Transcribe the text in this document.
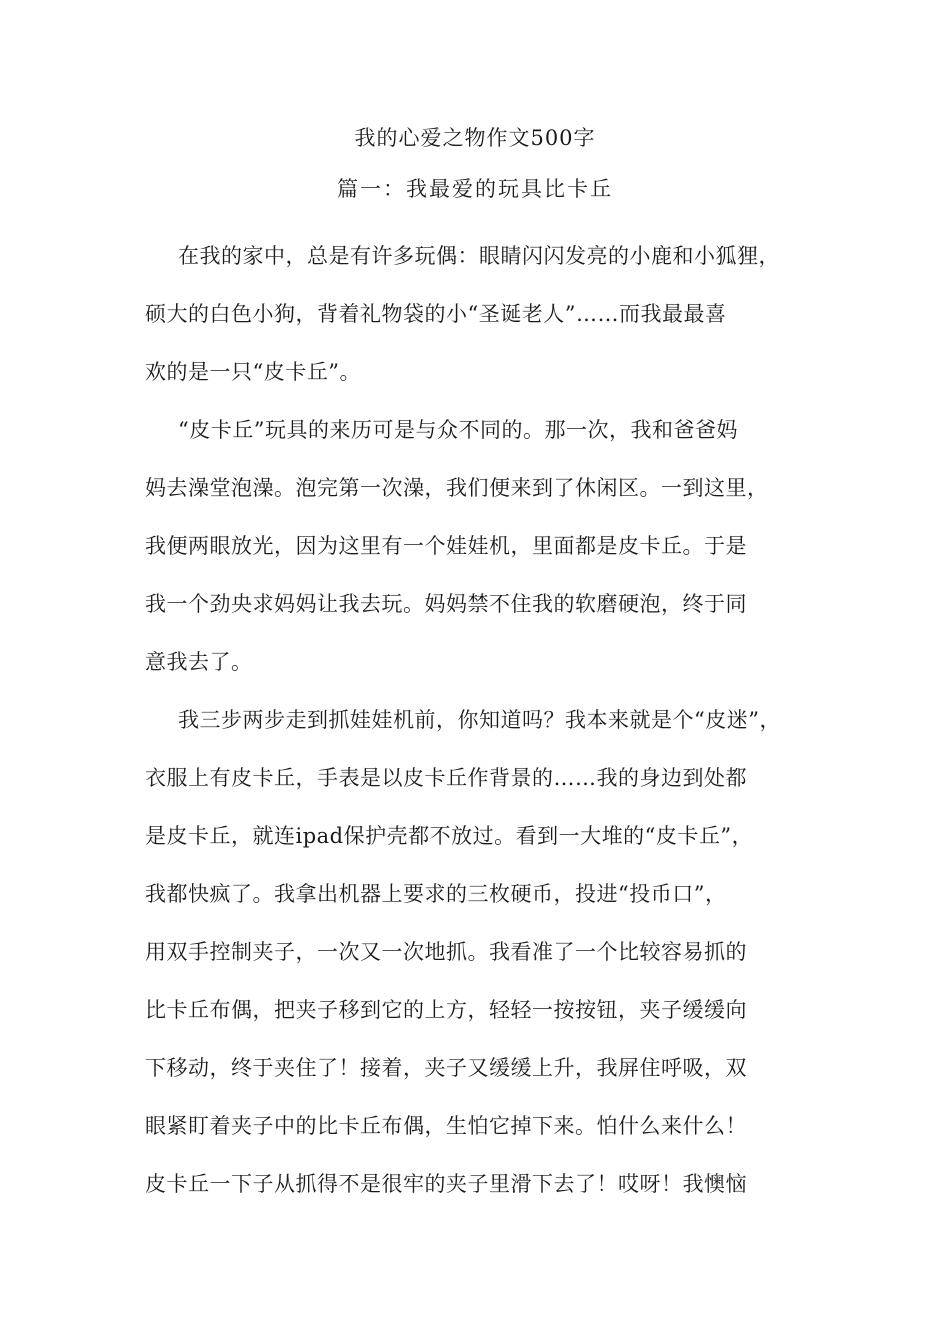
我的心爱之物作文500字
篇一：我最爱的玩具比卡丘
在我的家中，总是有许多玩偶：眼睛闪闪发亮的小鹿和小狐狸，
硕大的白色小狗，背着礼物袋的小“圣诞老人”……而我最最喜
欢的是一只“皮卡丘”。
“皮卡丘”玩具的来历可是与众不同的。那一次，我和爸爸妈
妈去澡堂泡澡。泡完第一次澡，我们便来到了休闲区。一到这里，
我便两眼放光，因为这里有一个娃娃机，里面都是皮卡丘。于是
我一个劲央求妈妈让我去玩。妈妈禁不住我的软磨硬泡，终于同
意我去了。
我三步两步走到抓娃娃机前，你知道吗？我本来就是个“皮迷”，
衣服上有皮卡丘，手表是以皮卡丘作背景的……我的身边到处都
是皮卡丘，就连ipad保护壳都不放过。看到一大堆的“皮卡丘”，
我都快疯了。我拿出机器上要求的三枚硬币，投进“投币口”，
用双手控制夹子，一次又一次地抓。我看准了一个比较容易抓的
比卡丘布偶，把夹子移到它的上方，轻轻一按按钮，夹子缓缓向
下移动，终于夹住了！接着，夹子又缓缓上升，我屏住呼吸，双
眼紧盯着夹子中的比卡丘布偶，生怕它掉下来。怕什么来什么！
皮卡丘一下子从抓得不是很牢的夹子里滑下去了！哎呀！我懊恼
